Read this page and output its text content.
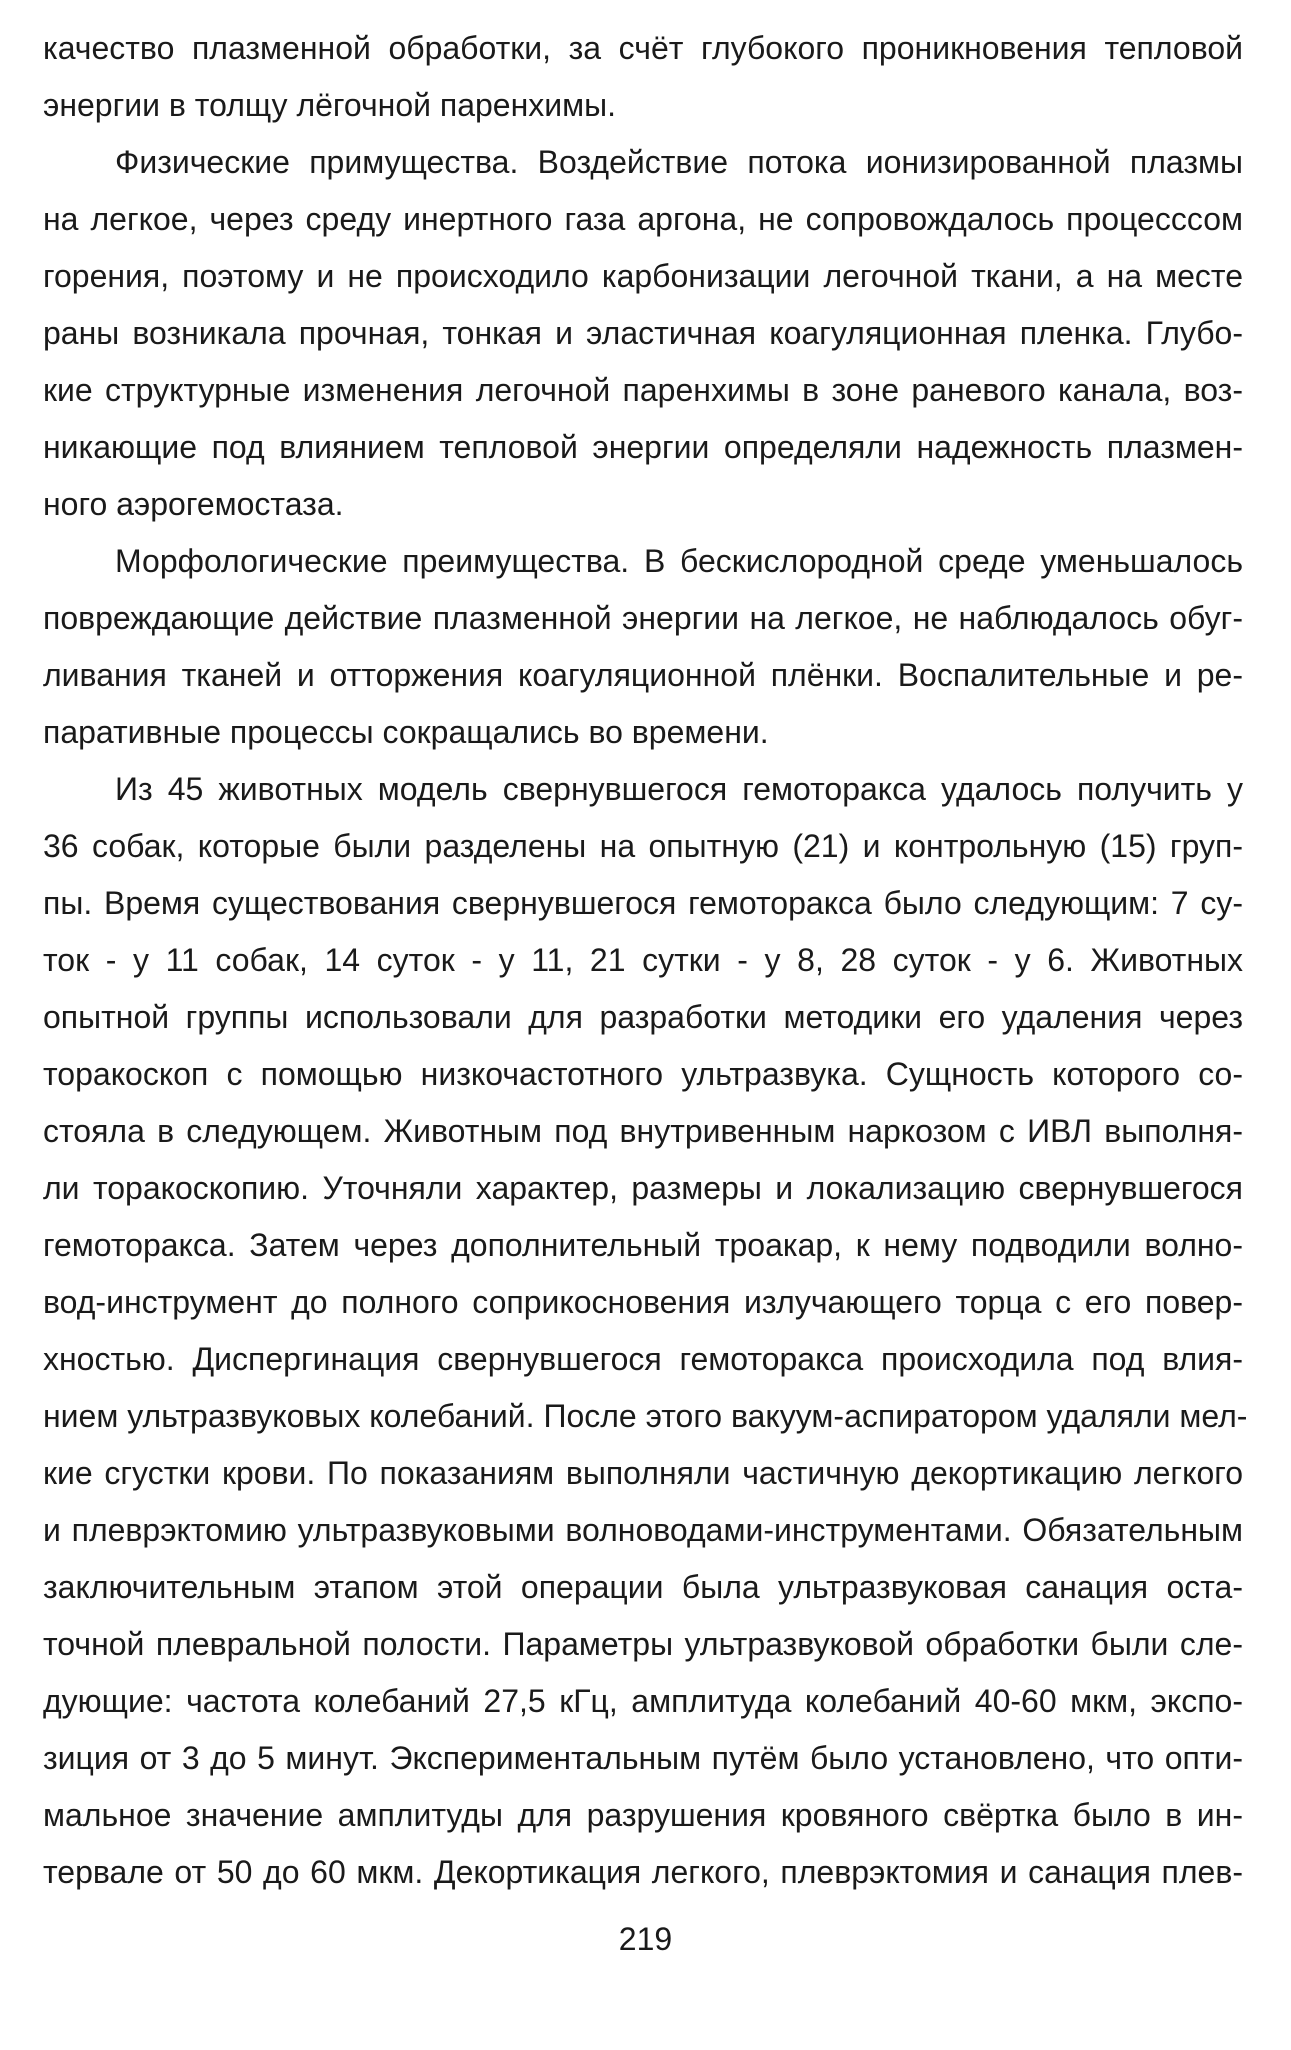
качество плазменной обработки, за счёт глубокого проникновения тепловой
энергии в толщу лёгочной паренхимы.
Физические примущества. Воздействие потока ионизированной плазмы
на легкое, через среду инертного газа аргона, не сопровождалось процесссом
горения, поэтому и не происходило карбонизации легочной ткани, а на месте
раны возникала прочная, тонкая и эластичная коагуляционная пленка. Глубо-
кие структурные изменения легочной паренхимы в зоне раневого канала, воз-
никающие под влиянием тепловой энергии определяли надежность плазмен-
ного аэрогемостаза.
Морфологические преимущества. В бескислородной среде уменьшалось
повреждающие действие плазменной энергии на легкое, не наблюдалось обуг-
ливания тканей и отторжения коагуляционной плёнки. Воспалительные и ре-
паративные процессы сокращались во времени.
Из 45 животных модель свернувшегося гемоторакса удалось получить у
36 собак, которые были разделены на опытную (21) и контрольную (15) груп-
пы. Время существования свернувшегося гемоторакса было следующим: 7 су-
ток - у 11 собак, 14 суток - у 11, 21 сутки - у 8, 28 суток - у 6. Животных
опытной группы использовали для разработки методики его удаления через
торакоскоп с помощью низкочастотного ультразвука. Сущность которого со-
стояла в следующем. Животным под внутривенным наркозом с ИВЛ выполня-
ли торакоскопию. Уточняли характер, размеры и локализацию свернувшегося
гемоторакса. Затем через дополнительный троакар, к нему подводили волно-
вод-инструмент до полного соприкосновения излучающего торца с его повер-
хностью. Диспергинация свернувшегося гемоторакса происходила под влия-
нием ультразвуковых колебаний. После этого вакуум-аспиратором удаляли мел-
кие сгустки крови. По показаниям выполняли частичную декортикацию легкого
и плеврэктомию ультразвуковыми волноводами-инструментами. Обязательным
заключительным этапом этой операции была ультразвуковая санация оста-
точной плевральной полости. Параметры ультразвуковой обработки были сле-
дующие: частота колебаний 27,5 кГц, амплитуда колебаний 40-60 мкм, экспо-
зиция от 3 до 5 минут. Экспериментальным путём было установлено, что опти-
мальное значение амплитуды для разрушения кровяного свёртка было в ин-
тервале от 50 до 60 мкм. Декортикация легкого, плеврэктомия и санация плев-
219
